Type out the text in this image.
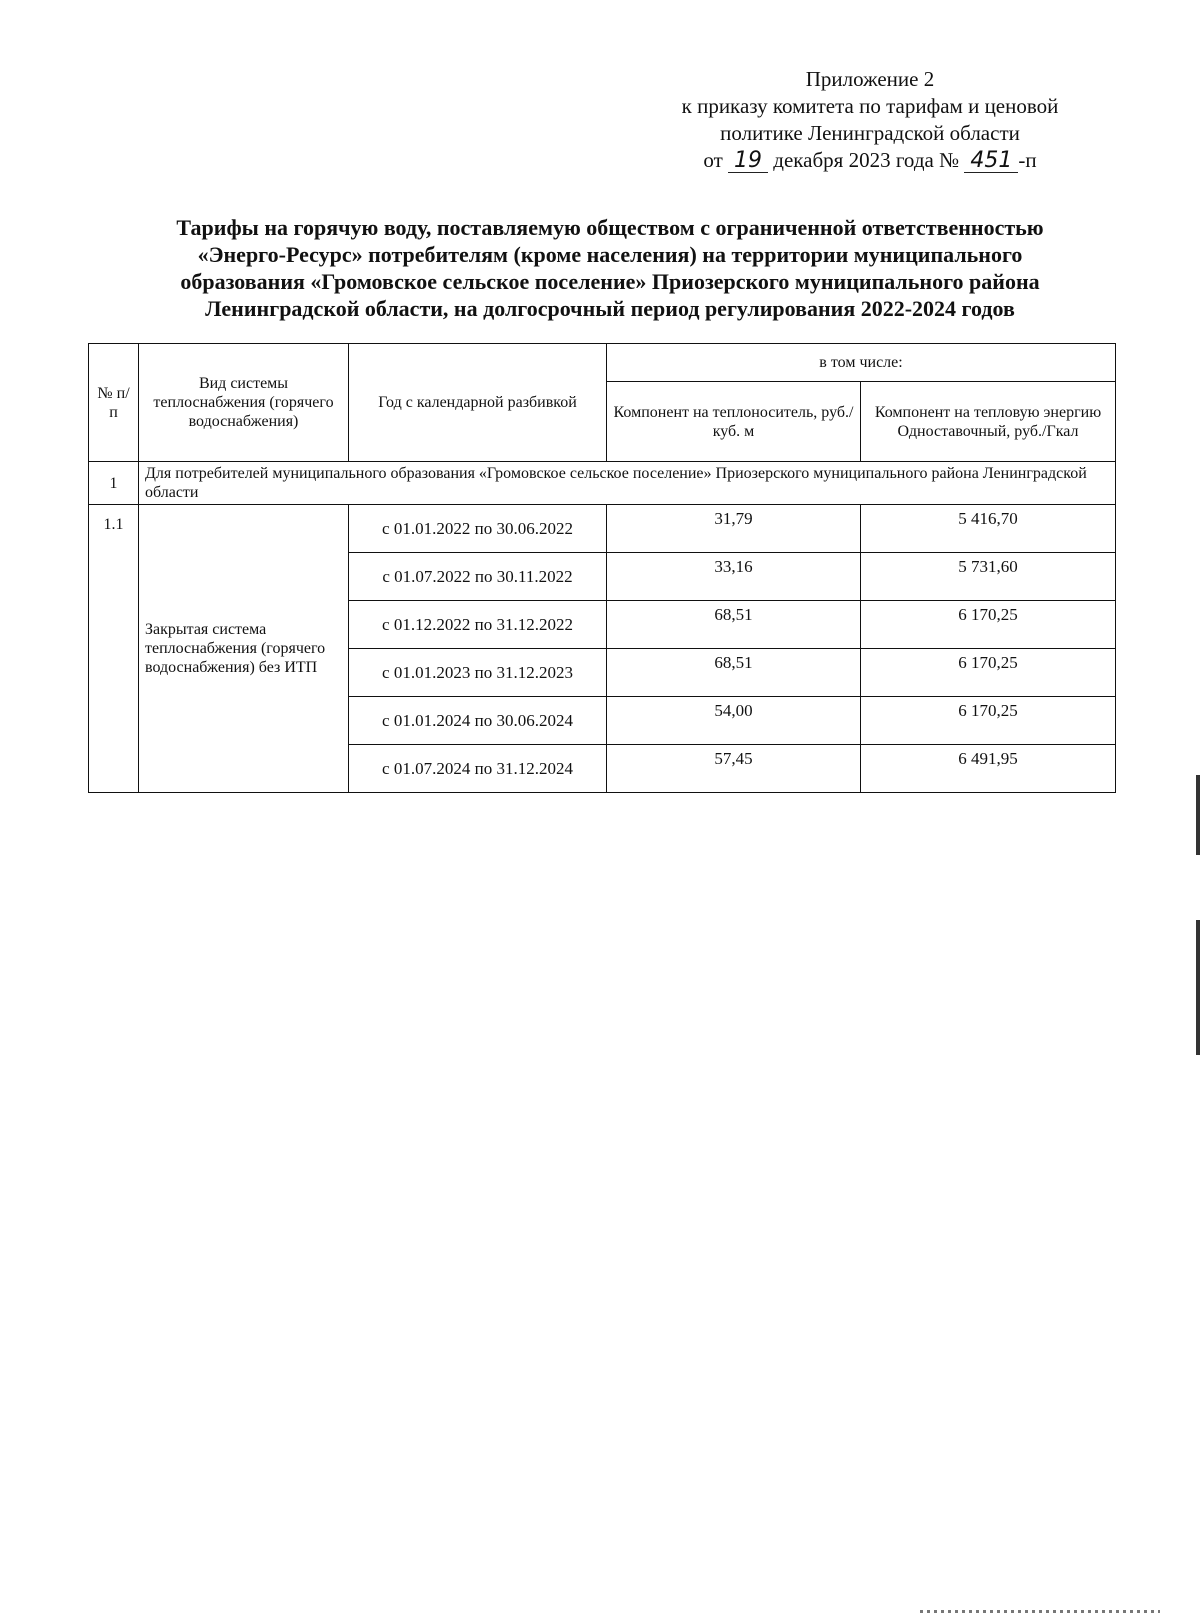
Приложение 2
к приказу комитета по тарифам и ценовой
политике Ленинградской области
от 19 декабря 2023 года № 451 -п
Тарифы на горячую воду, поставляемую обществом с ограниченной ответственностью
«Энерго-Ресурс» потребителям (кроме населения) на территории муниципального
образования «Громовское сельское поселение» Приозерского муниципального района
Ленинградской области, на долгосрочный период регулирования 2022-2024 годов
№ п/п	Вид системы теплоснабжения (горячего водоснабжения)	Год с календарной разбивкой	в том числе:	
			Компонент на теплоноситель, руб./куб. м	Компонент на тепловую энергию Одноставочный, руб./Гкал
1	Для потребителей муниципального образования «Громовское сельское поселение» Приозерского муниципального района Ленинградской области			
1.1	Закрытая система теплоснабжения (горячего водоснабжения) без ИТП	с 01.01.2022 по 30.06.2022	31,79	5 416,70
		с 01.07.2022 по 30.11.2022	33,16	5 731,60
		с 01.12.2022 по 31.12.2022	68,51	6 170,25
		с 01.01.2023 по 31.12.2023	68,51	6 170,25
		с 01.01.2024 по 30.06.2024	54,00	6 170,25
		с 01.07.2024 по 31.12.2024	57,45	6 491,95
